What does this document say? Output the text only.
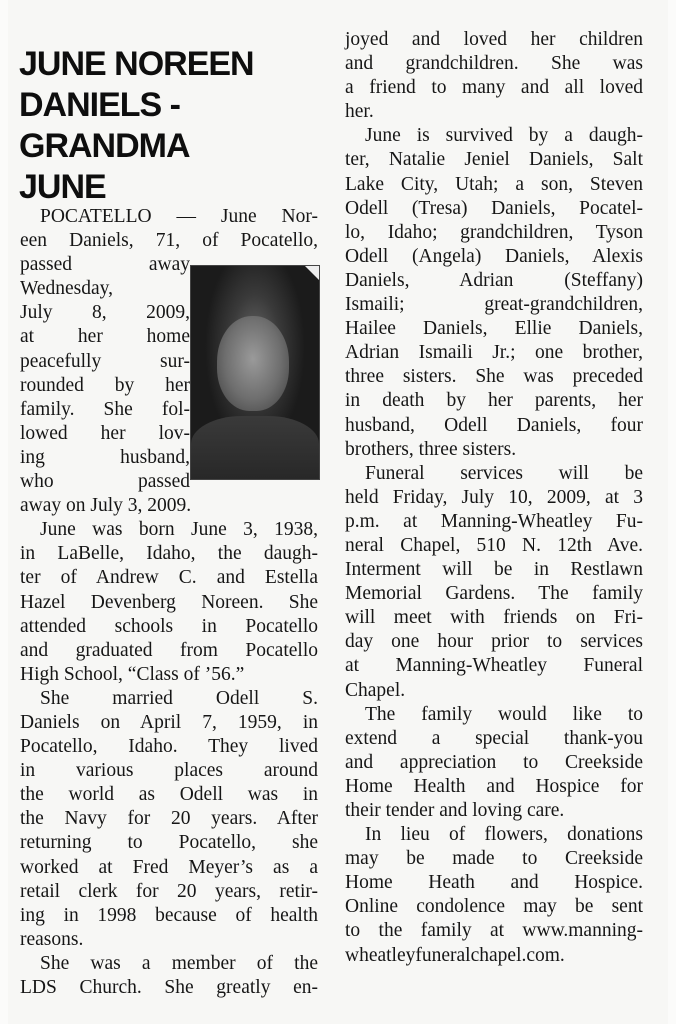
JUNE NOREEN
DANIELS -
GRANDMA
JUNE
POCATELLO — June Nor-
een Daniels, 71, of Pocatello,
passed away
Wednesday,
July 8, 2009,
at her home
peacefully sur-
rounded by her
family. She fol-
lowed her lov-
ing husband,
who passed
away on July 3, 2009.
June was born June 3, 1938,
in LaBelle, Idaho, the daugh-
ter of Andrew C. and Estella
Hazel Devenberg Noreen. She
attended schools in Pocatello
and graduated from Pocatello
High School, “Class of ’56.”
She married Odell S.
Daniels on April 7, 1959, in
Pocatello, Idaho. They lived
in various places around
the world as Odell was in
the Navy for 20 years. After
returning to Pocatello, she
worked at Fred Meyer’s as a
retail clerk for 20 years, retir-
ing in 1998 because of health
reasons.
She was a member of the
LDS Church. She greatly en-
joyed and loved her children
and grandchildren. She was
a friend to many and all loved
her.
June is survived by a daugh-
ter, Natalie Jeniel Daniels, Salt
Lake City, Utah; a son, Steven
Odell (Tresa) Daniels, Pocatel-
lo, Idaho; grandchildren, Tyson
Odell (Angela) Daniels, Alexis
Daniels, Adrian (Steffany)
Ismaili; great-grandchildren,
Hailee Daniels, Ellie Daniels,
Adrian Ismaili Jr.; one brother,
three sisters. She was preceded
in death by her parents, her
husband, Odell Daniels, four
brothers, three sisters.
Funeral services will be
held Friday, July 10, 2009, at 3
p.m. at Manning-Wheatley Fu-
neral Chapel, 510 N. 12th Ave.
Interment will be in Restlawn
Memorial Gardens. The family
will meet with friends on Fri-
day one hour prior to services
at Manning-Wheatley Funeral
Chapel.
The family would like to
extend a special thank-you
and appreciation to Creekside
Home Health and Hospice for
their tender and loving care.
In lieu of flowers, donations
may be made to Creekside
Home Heath and Hospice.
Online condolence may be sent
to the family at www.manning-
wheatleyfuneralchapel.com.
